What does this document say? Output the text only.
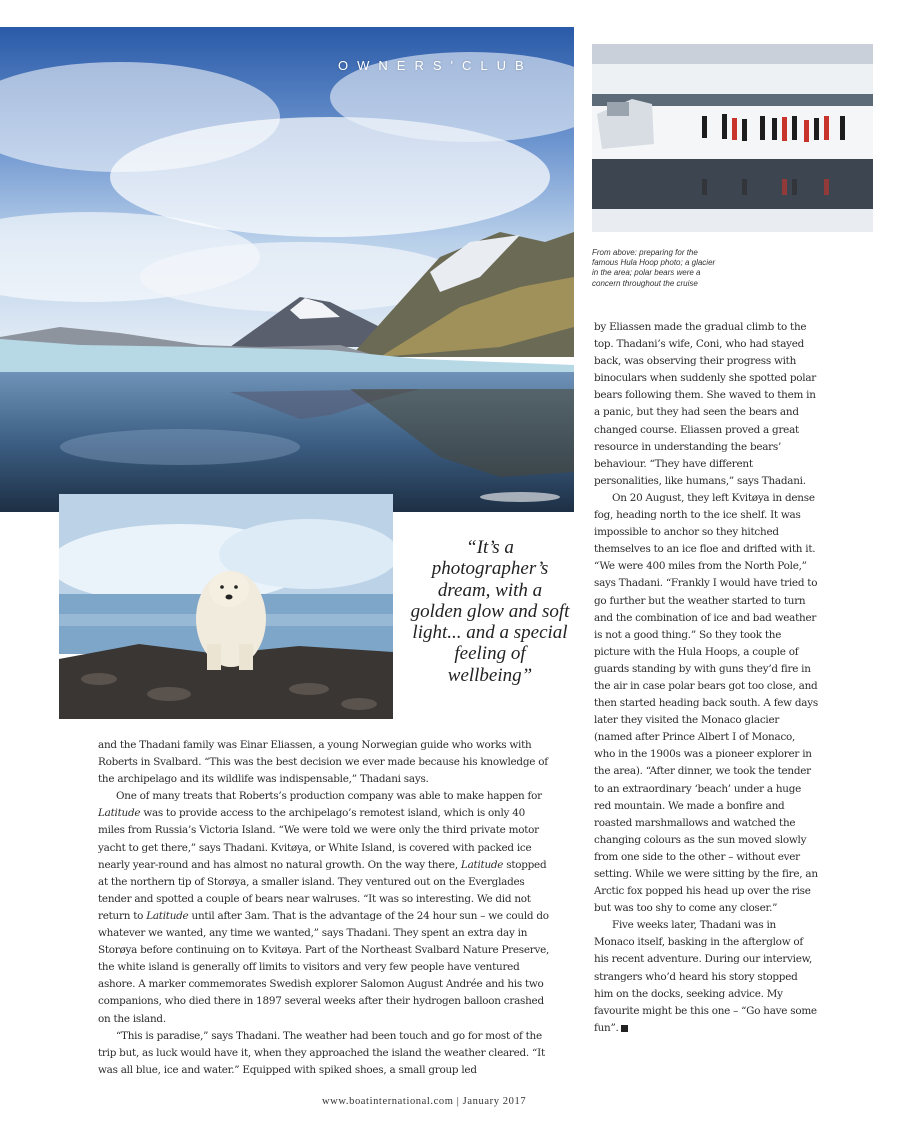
OWNERS'CLUB
From above: preparing for the famous Hula Hoop photo; a glacier in the area; polar bears were a concern throughout the cruise
“It’s a photographer’s dream, with a golden glow and soft light... and a special feeling of wellbeing”

by Eliassen made the gradual climb to the top. Thadani’s wife, Coni, who had stayed back, was observing their progress with binoculars when suddenly she spotted polar bears following them. She waved to them in a panic, but they had seen the bears and changed course. Eliassen proved a great resource in understanding the bears’ behaviour. “They have different personalities, like humans,” says Thadani.

On 20 August, they left Kvitøya in dense fog, heading north to the ice shelf. It was impossible to anchor so they hitched themselves to an ice floe and drifted with it. “We were 400 miles from the North Pole,” says Thadani. “Frankly I would have tried to go further but the weather started to turn and the combination of ice and bad weather is not a good thing.” So they took the picture with the Hula Hoops, a couple of guards standing by with guns they’d fire in the air in case polar bears got too close, and then started heading back south. A few days later they visited the Monaco glacier (named after Prince Albert I of Monaco, who in the 1900s was a pioneer explorer in the area). “After dinner, we took the tender to an extraordinary ‘beach’ under a huge red mountain. We made a bonfire and roasted marshmallows and watched the changing colours as the sun moved slowly from one side to the other – without ever setting. While we were sitting by the fire, an Arctic fox popped his head up over the rise but was too shy to come any closer.”

Five weeks later, Thadani was in Monaco itself, basking in the afterglow of his recent adventure. During our interview, strangers who’d heard his story stopped him on the docks, seeking advice. My favourite might be this one – “Go have some fun”.

and the Thadani family was Einar Eliassen, a young Norwegian guide who works with Roberts in Svalbard. “This was the best decision we ever made because his knowledge of the archipelago and its wildlife was indispensable,” Thadani says.

One of many treats that Roberts’s production company was able to make happen for Latitude was to provide access to the archipelago’s remotest island, which is only 40 miles from Russia’s Victoria Island. “We were told we were only the third private motor yacht to get there,” says Thadani. Kvitøya, or White Island, is covered with packed ice nearly year-round and has almost no natural growth. On the way there, Latitude stopped at the northern tip of Storøya, a smaller island. They ventured out on the Everglades tender and spotted a couple of bears near walruses. “It was so interesting. We did not return to Latitude until after 3am. That is the advantage of the 24 hour sun – we could do whatever we wanted, any time we wanted,” says Thadani. They spent an extra day in Storøya before continuing on to Kvitøya. Part of the Northeast Svalbard Nature Preserve, the white island is generally off limits to visitors and very few people have ventured ashore. A marker commemorates Swedish explorer Salomon August Andrée and his two companions, who died there in 1897 several weeks after their hydrogen balloon crashed on the island.

“This is paradise,” says Thadani. The weather had been touch and go for most of the trip but, as luck would have it, when they approached the island the weather cleared. “It was all blue, ice and water.” Equipped with spiked shoes, a small group led

www.boatinternational.com | January 2017
